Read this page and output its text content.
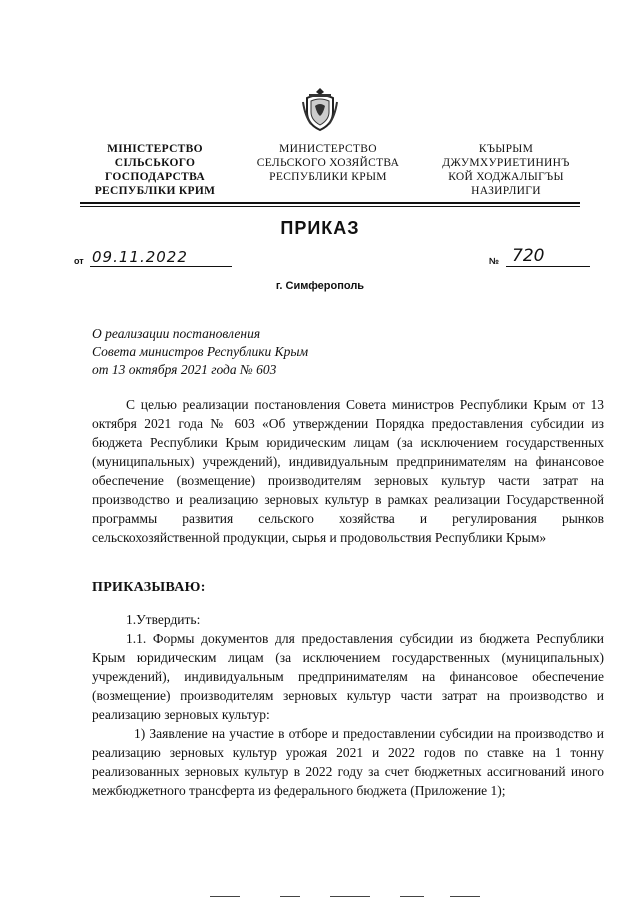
МІНІСТЕРСТВО
СІЛЬСЬКОГО
ГОСПОДАРСТВА
РЕСПУБЛІКИ КРИМ
МИНИСТЕРСТВО
СЕЛЬСКОГО ХОЗЯЙСТВА
РЕСПУБЛИКИ КРЫМ
КЪЫРЫМ
ДЖУМХУРИЕТИНИНЪ
КОЙ ХОДЖАЛЫГЪЫ
НАЗИРЛИГИ
ПРИКАЗ
от 09.11.2022	№ 720
г. Симферополь
О реализации постановления
Совета министров Республики Крым
от 13 октября 2021 года № 603

С целью реализации постановления Совета министров Республики Крым от 13 октября 2021 года № 603 «Об утверждении Порядка предоставления субсидии из бюджета Республики Крым юридическим лицам (за исключением государственных (муниципальных) учреждений), индивидуальным предпринимателям на финансовое обеспечение (возмещение) производителям зерновых культур части затрат на производство и реализацию зерновых культур в рамках реализации Государственной программы развития сельского хозяйства и регулирования рынков сельскохозяйственной продукции, сырья и продовольствия Республики Крым»

ПРИКАЗЫВАЮ:

1.Утвердить:

1.1. Формы документов для предоставления субсидии из бюджета Республики Крым юридическим лицам (за исключением государственных (муниципальных) учреждений), индивидуальным предпринимателям на финансовое обеспечение (возмещение) производителям зерновых культур части затрат на производство и реализацию зерновых культур:

1) Заявление на участие в отборе и предоставлении субсидии на производство и реализацию зерновых культур урожая 2021 и 2022 годов по ставке на 1 тонну реализованных зерновых культур в 2022 году за счет бюджетных ассигнований иного межбюджетного трансферта из федерального бюджета (Приложение 1);
